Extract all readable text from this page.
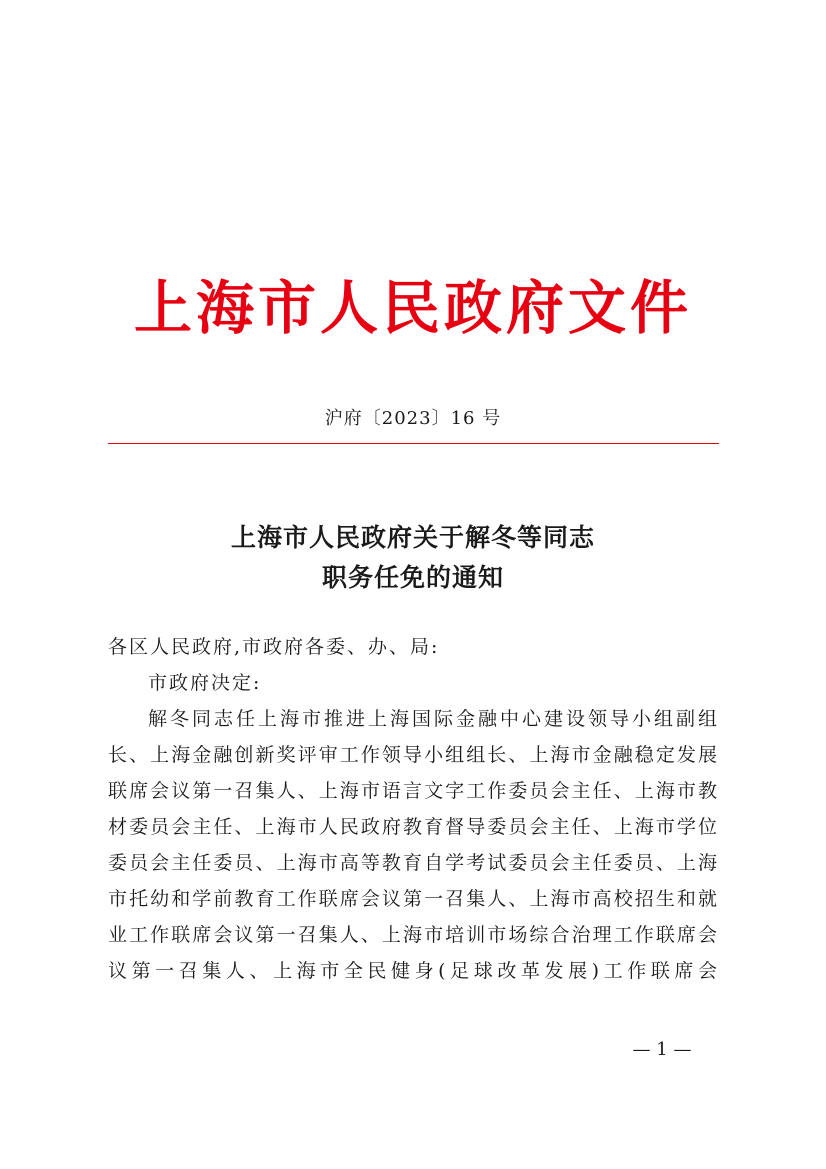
上海市人民政府文件
沪府〔2023〕16 号
上海市人民政府关于解冬等同志
职务任免的通知

各区人民政府,市政府各委、办、局:

市政府决定:

解冬同志任上海市推进上海国际金融中心建设领导小组副组长、上海金融创新奖评审工作领导小组组长、上海市金融稳定发展联席会议第一召集人、上海市语言文字工作委员会主任、上海市教材委员会主任、上海市人民政府教育督导委员会主任、上海市学位委员会主任委员、上海市高等教育自学考试委员会主任委员、上海市托幼和学前教育工作联席会议第一召集人、上海市高校招生和就业工作联席会议第一召集人、上海市培训市场综合治理工作联席会议第一召集人、上海市全民健身(足球改革发展)工作联席会

— 1 —
